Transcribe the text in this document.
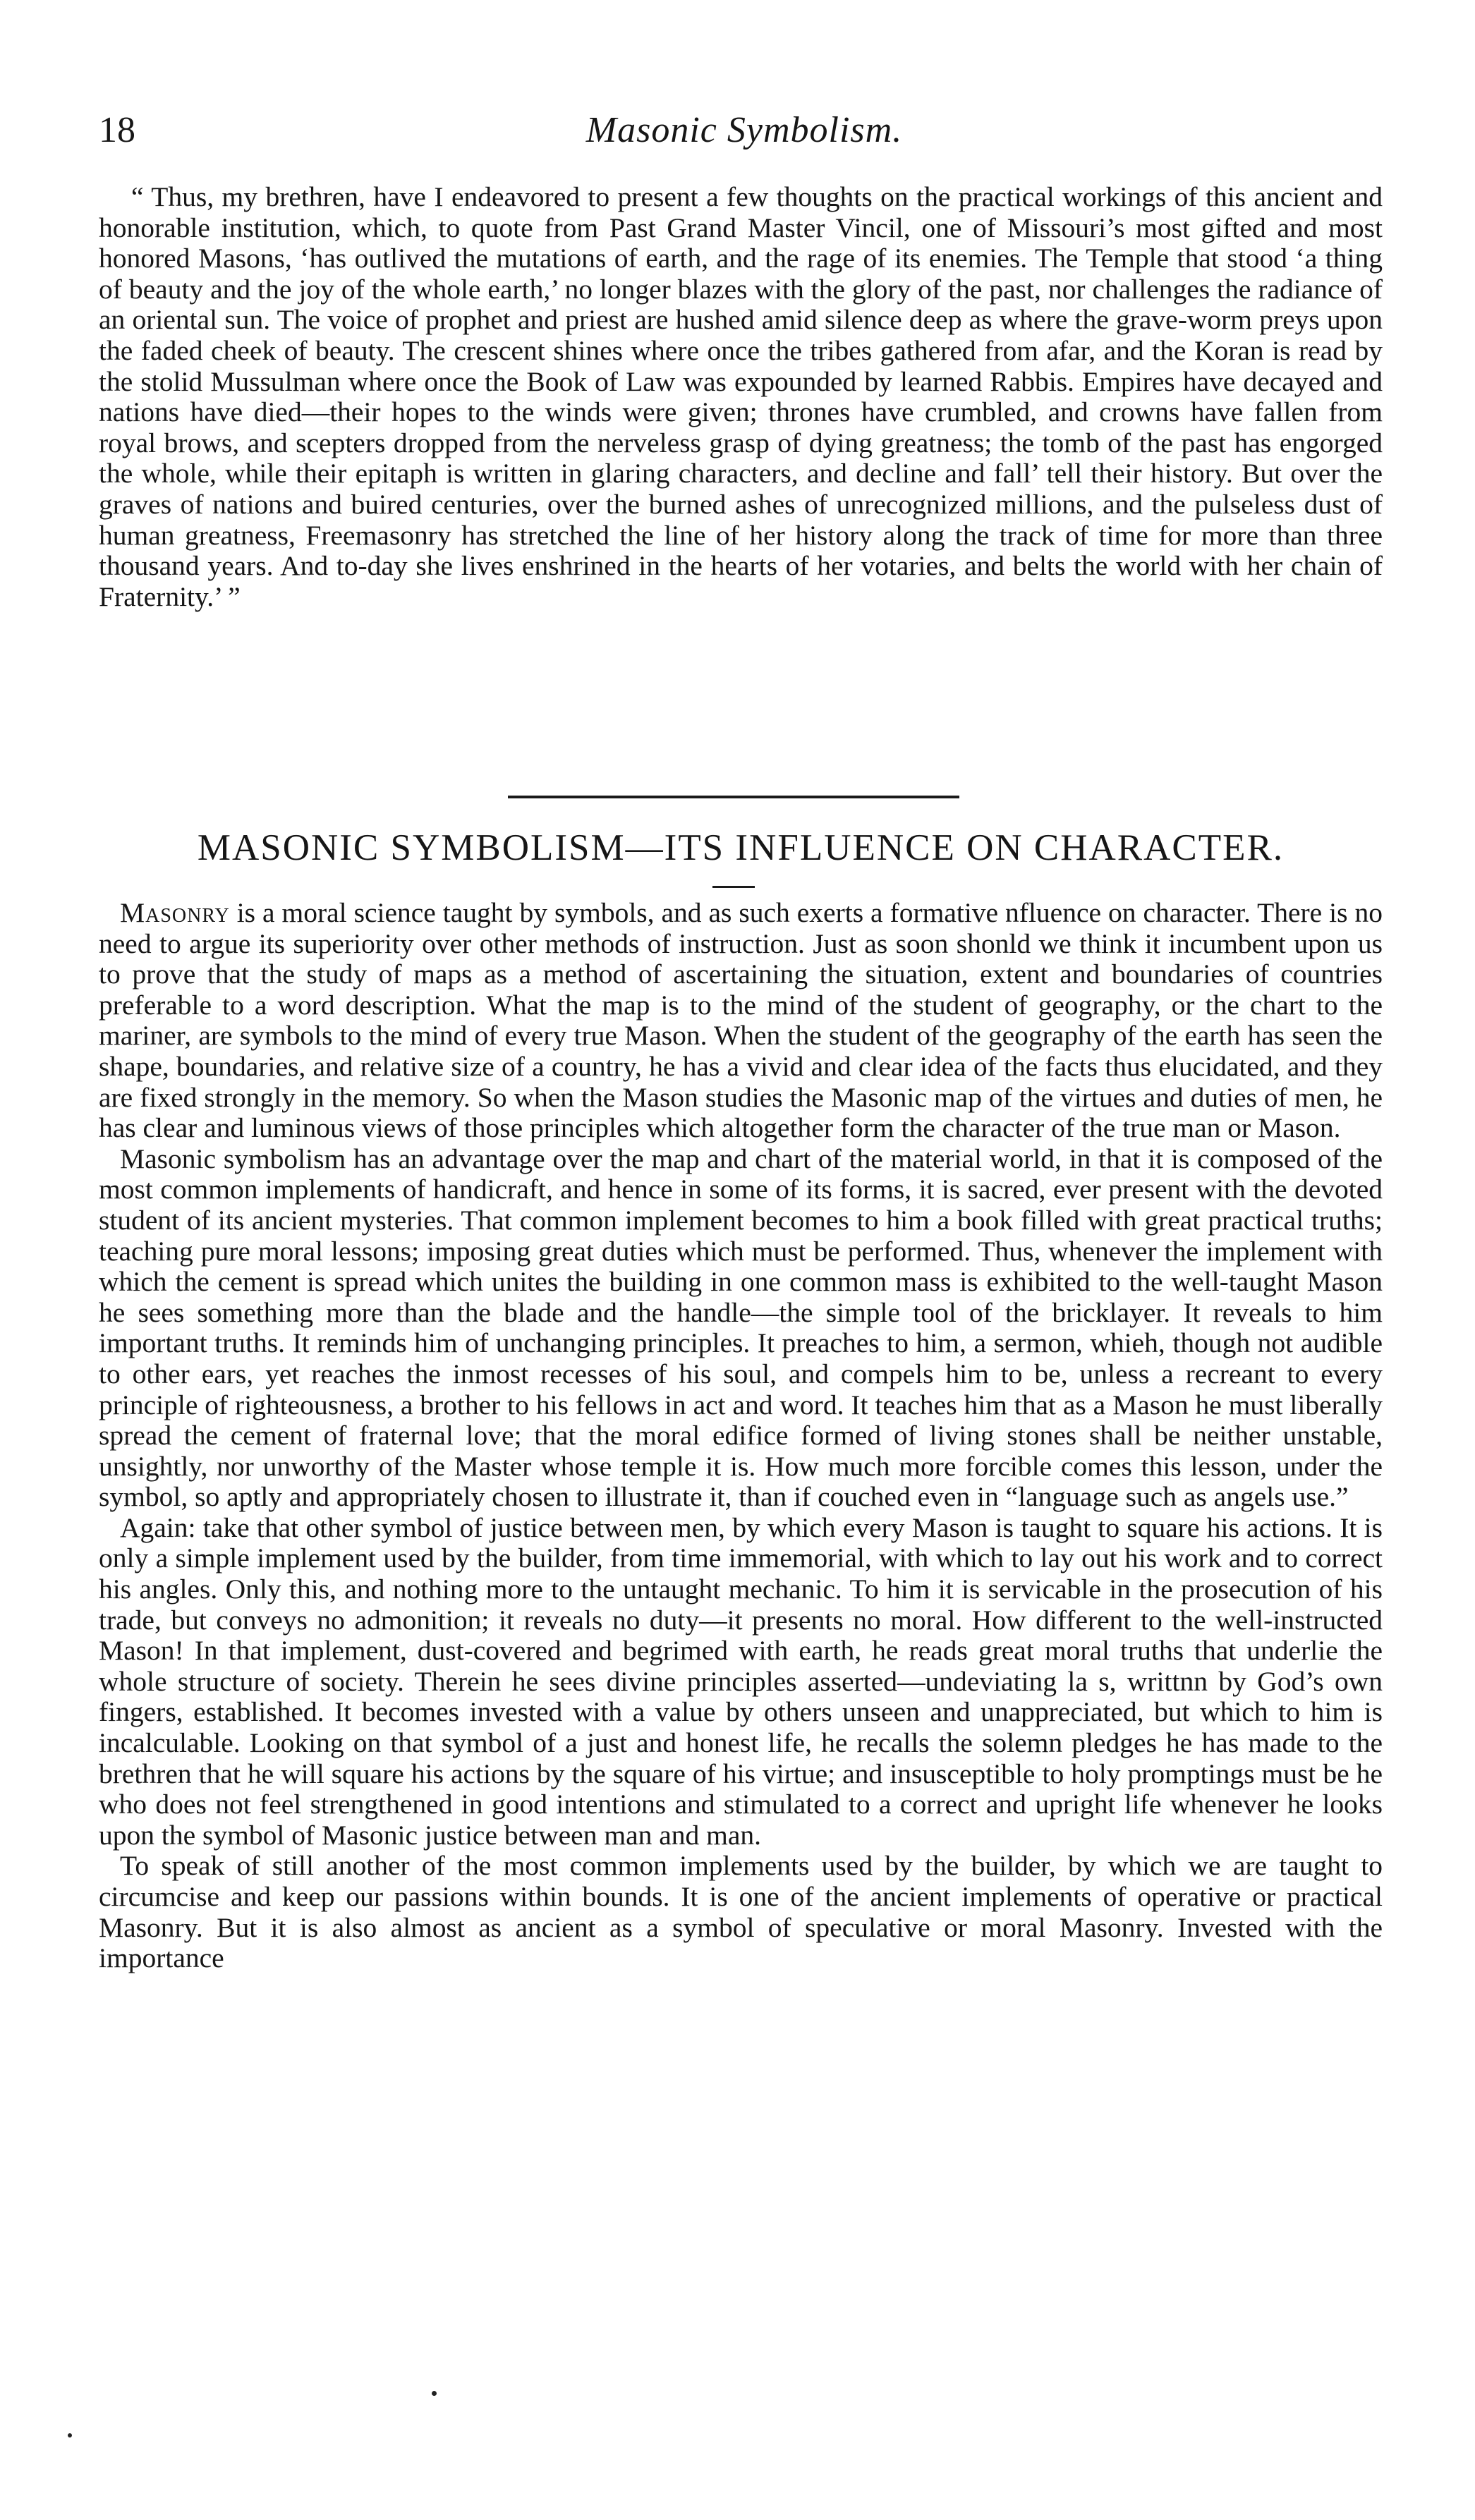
18	Masonic Symbolism.

“ Thus, my brethren, have I endeavored to present a few thoughts on the practical workings of this ancient and honorable institution, which, to quote from Past Grand Master Vincil, one of Missouri’s most gifted and most honored Masons, ‘has outlived the mutations of earth, and the rage of its enemies. The Temple that stood ‘a thing of beauty and the joy of the whole earth,’ no longer blazes with the glory of the past, nor challenges the radiance of an oriental sun. The voice of prophet and priest are hushed amid silence deep as where the grave-worm preys upon the faded cheek of beauty. The crescent shines where once the tribes gathered from afar, and the Koran is read by the stolid Mussulman where once the Book of Law was expounded by learned Rabbis. Empires have decayed and nations have died—their hopes to the winds were given; thrones have crumbled, and crowns have fallen from royal brows, and scepters dropped from the nerveless grasp of dying greatness; the tomb of the past has engorged the whole, while their epitaph is written in glaring characters, and decline and fall’ tell their history. But over the graves of nations and buired centuries, over the burned ashes of unrecognized millions, and the pulseless dust of human greatness, Freemasonry has stretched the line of her history along the track of time for more than three thousand years. And to-day she lives enshrined in the hearts of her votaries, and belts the world with her chain of Fraternity.’ ”

MASONIC SYMBOLISM—ITS INFLUENCE ON CHARACTER.

Masonry is a moral science taught by symbols, and as such exerts a formative nfluence on character. There is no need to argue its superiority over other methods of instruction. Just as soon shonld we think it incumbent upon us to prove that the study of maps as a method of ascertaining the situation, extent and boundaries of countries preferable to a word description. What the map is to the mind of the student of geography, or the chart to the mariner, are symbols to the mind of every true Mason. When the student of the geography of the earth has seen the shape, boundaries, and relative size of a country, he has a vivid and clear idea of the facts thus elucidated, and they are fixed strongly in the memory. So when the Mason studies the Masonic map of the virtues and duties of men, he has clear and luminous views of those principles which altogether form the character of the true man or Mason.

Masonic symbolism has an advantage over the map and chart of the material world, in that it is composed of the most common implements of handicraft, and hence in some of its forms, it is sacred, ever present with the devoted student of its ancient mysteries. That common implement becomes to him a book filled with great practical truths; teaching pure moral lessons; imposing great duties which must be performed. Thus, whenever the implement with which the cement is spread which unites the building in one common mass is exhibited to the well-taught Mason he sees something more than the blade and the handle—the simple tool of the bricklayer. It reveals to him important truths. It reminds him of unchanging principles. It preaches to him, a sermon, whieh, though not audible to other ears, yet reaches the inmost recesses of his soul, and compels him to be, unless a recreant to every principle of righteousness, a brother to his fellows in act and word. It teaches him that as a Mason he must liberally spread the cement of fraternal love; that the moral edifice formed of living stones shall be neither unstable, unsightly, nor unworthy of the Master whose temple it is. How much more forcible comes this lesson, under the symbol, so aptly and appropriately chosen to illustrate it, than if couched even in “language such as angels use.”

Again: take that other symbol of justice between men, by which every Mason is taught to square his actions. It is only a simple implement used by the builder, from time immemorial, with which to lay out his work and to correct his angles. Only this, and nothing more to the untaught mechanic. To him it is servicable in the prosecution of his trade, but conveys no admonition; it reveals no duty—it presents no moral. How different to the well-instructed Mason! In that implement, dust-covered and begrimed with earth, he reads great moral truths that underlie the whole structure of society. Therein he sees divine principles asserted—undeviating la s, writtnn by God’s own fingers, established. It becomes invested with a value by others unseen and unappreciated, but which to him is incalculable. Looking on that symbol of a just and honest life, he recalls the solemn pledges he has made to the brethren that he will square his actions by the square of his virtue; and insusceptible to holy promptings must be he who does not feel strengthened in good intentions and stimulated to a correct and upright life whenever he looks upon the symbol of Masonic justice between man and man.

To speak of still another of the most common implements used by the builder, by which we are taught to circumcise and keep our passions within bounds. It is one of the ancient implements of operative or practical Masonry. But it is also almost as ancient as a symbol of speculative or moral Masonry. Invested with the importance
